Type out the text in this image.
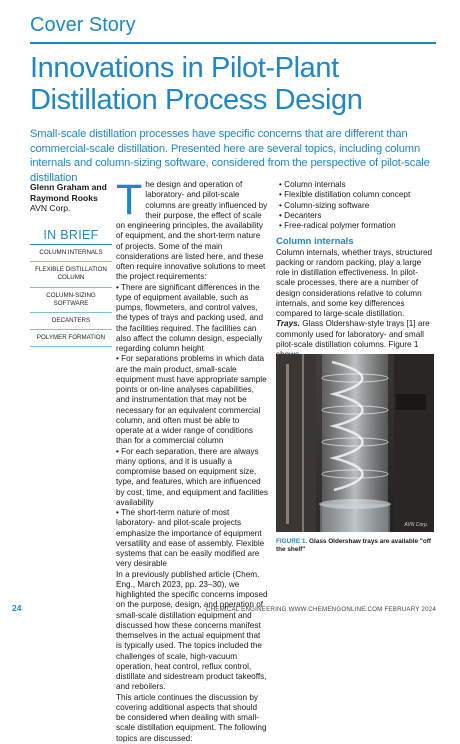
Cover Story
Innovations in Pilot-Plant Distillation Process Design

Small-scale distillation processes have specific concerns that are different than commercial-scale distillation. Presented here are several topics, including column internals and column-sizing software, considered from the perspective of pilot-scale distillation

Glenn Graham and Raymond Rooks
AVN Corp.
IN BRIEF
COLUMN INTERNALS
FLEXIBLE DISTILLATION COLUMN
COLUMN-SIZING SOFTWARE
DECANTERS
POLYMER FORMATION

The design and operation of laboratory- and pilot-scale columns are greatly influenced by their purpose, the effect of scale on engineering principles, the availability of equipment, and the short-term nature of projects. Some of the main considerations are listed here, and these often require innovative solutions to meet the project requirements:

• There are significant differences in the type of equipment available, such as pumps, flowmeters, and control valves, the types of trays and packing used, and the facilities required. The facilities can also affect the column design, especially regarding column height

• For separations problems in which data are the main product, small-scale equipment must have appropriate sample points or on-line analyses capabilities, and instrumentation that may not be necessary for an equivalent commercial column, and often must be able to operate at a wider range of conditions than for a commercial column

• For each separation, there are always many options, and it is usually a compromise based on equipment size, type, and features, which are influenced by cost, time, and equipment and facilities availability

• The short-term nature of most laboratory- and pilot-scale projects emphasize the importance of equipment versatility and ease of assembly. Flexible systems that can be easily modified are very desirable

In a previously published article (Chem. Eng., March 2023, pp. 23–30), we highlighted the specific concerns imposed on the purpose, design, and operation of small-scale distillation equipment and discussed how these concerns manifest themselves in the actual equipment that is typically used. The topics included the challenges of scale, high-vacuum operation, heat control, reflux control, distillate and sidestream product takeoffs, and reboilers.

This article continues the discussion by covering additional aspects that should be considered when dealing with small-scale distillation equipment. The following topics are discussed:

• Column internals

• Flexible distillation column concept

• Column-sizing software

• Decanters

• Free-radical polymer formation

Column internals

Column internals, whether trays, structured packing or random packing, play a large role in distillation effectiveness. In pilot-scale processes, there are a number of design considerations relative to column internals, and some key differences compared to large-scale distillation.

Trays. Glass Oldershaw-style trays [1] are commonly used for laboratory- and small pilot-scale distillation columns. Figure 1

AVN Corp.

FIGURE 1. Glass Oldershaw trays are available "off the shelf"

24	CHEMICAL ENGINEERING WWW.CHEMENGONLINE.COM FEBRUARY 2024
